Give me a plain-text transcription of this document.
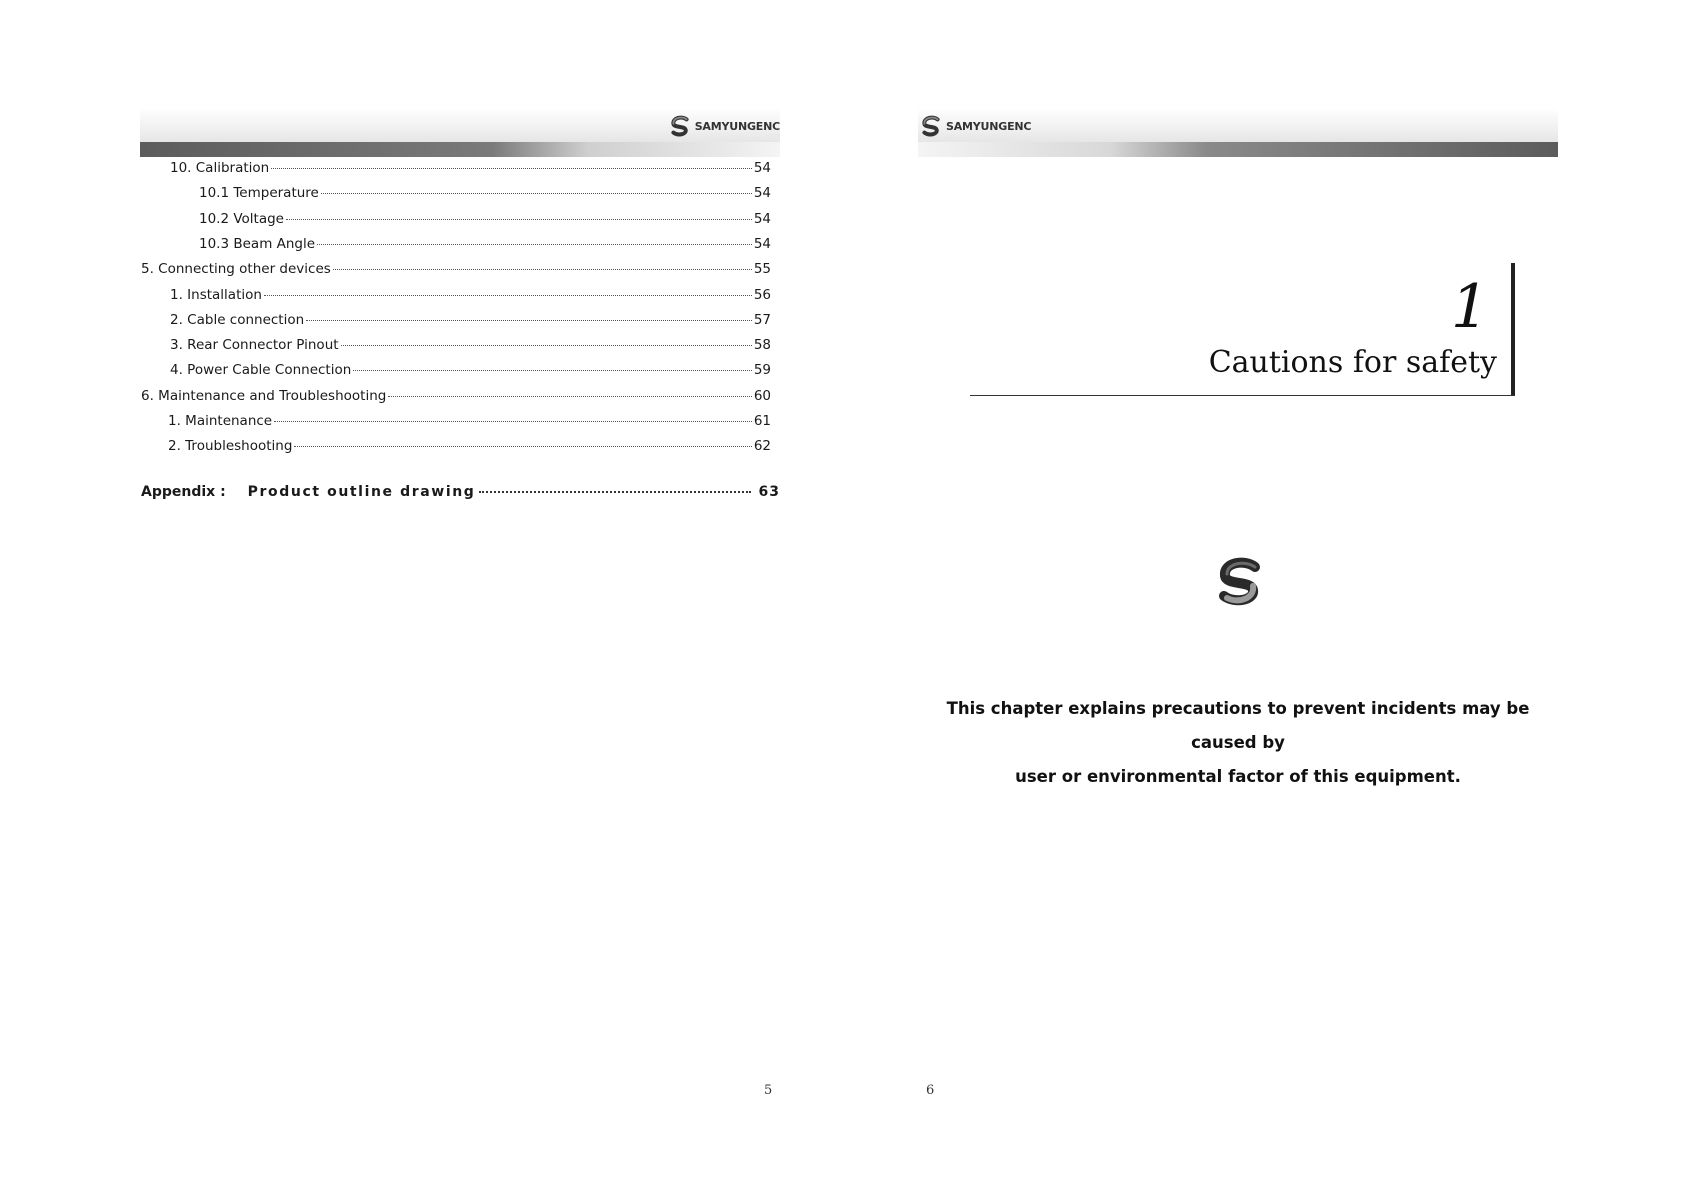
SAMYUNGENC	SAMYUNGENC
10. Calibration	54
10.1 Temperature	54
10.2 Voltage	54
10.3 Beam Angle	54
5. Connecting other devices	55
1. Installation	56
2. Cable connection	57
3. Rear Connector Pinout	58
4. Power Cable Connection	59
6. Maintenance and Troubleshooting	60
1. Maintenance	61
2. Troubleshooting	62
Appendix : Product outline drawing	63
1
Cautions for safety
This chapter explains precautions to prevent incidents may be caused by
user or environmental factor of this equipment.
5	6
